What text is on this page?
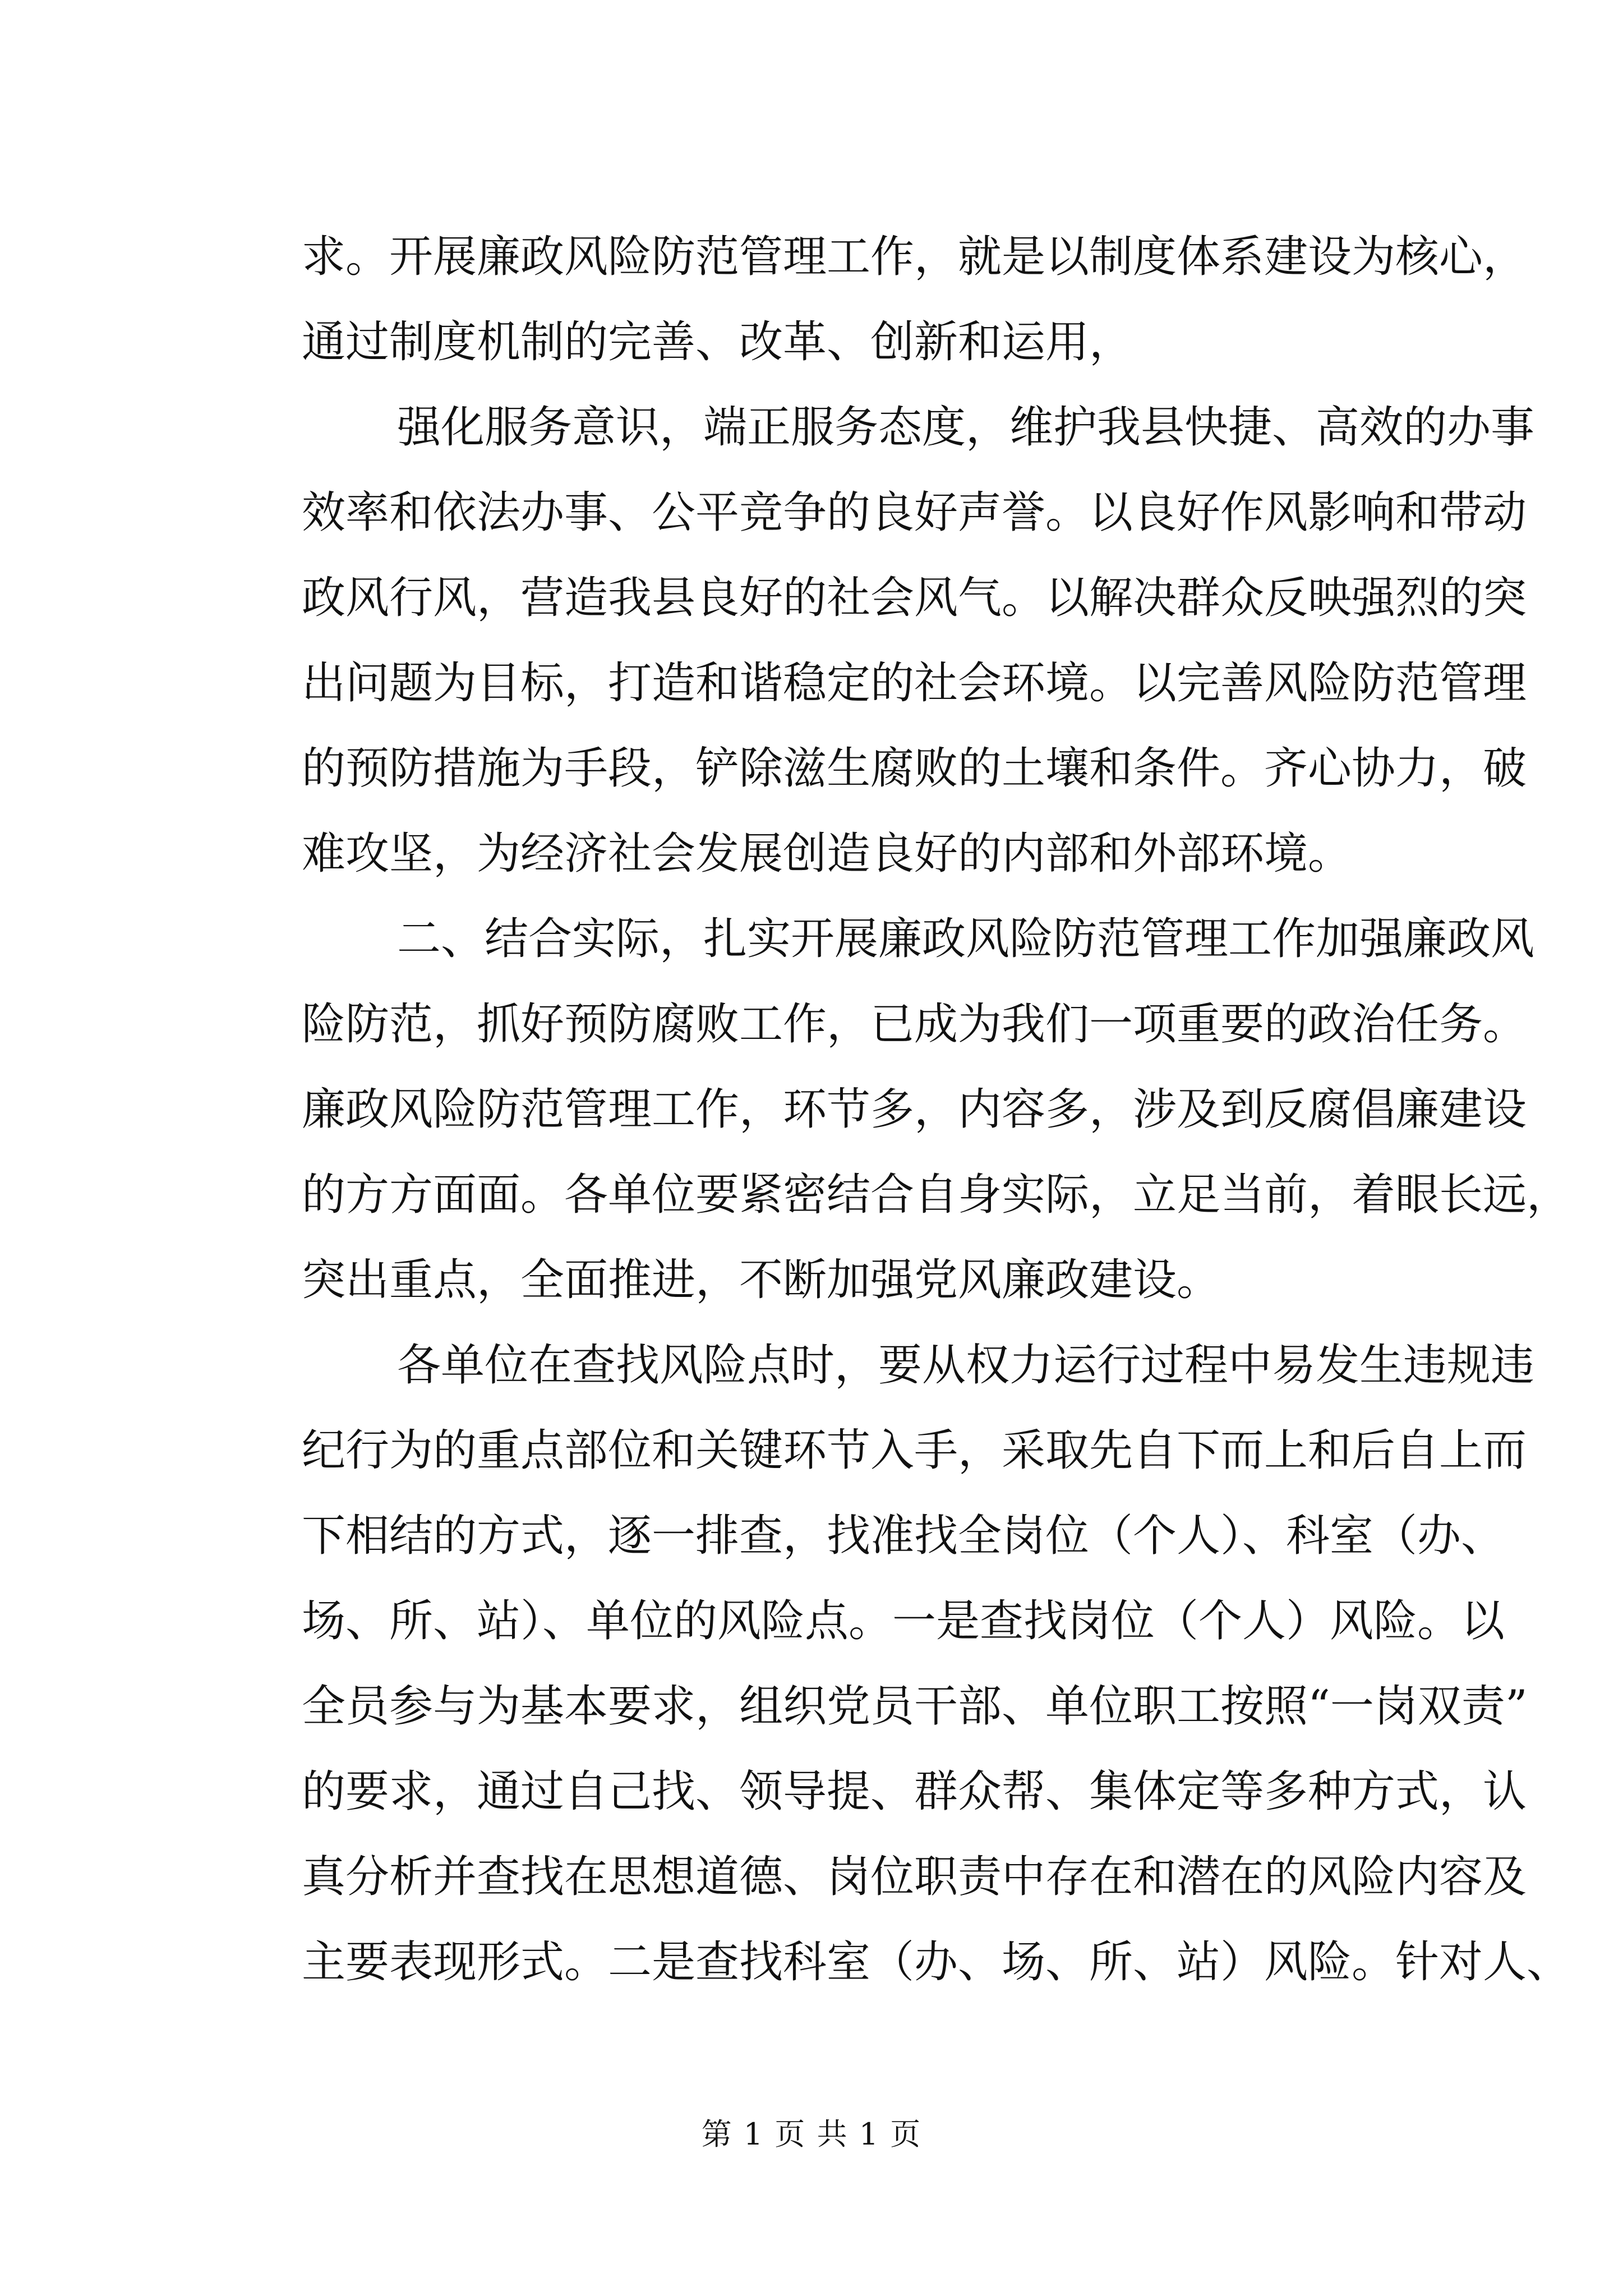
求。开展廉政风险防范管理工作，就是以制度体系建设为核心，
通过制度机制的完善、改革、创新和运用，
强化服务意识，端正服务态度，维护我县快捷、高效的办事
效率和依法办事、公平竞争的良好声誉。以良好作风影响和带动
政风行风，营造我县良好的社会风气。以解决群众反映强烈的突
出问题为目标，打造和谐稳定的社会环境。以完善风险防范管理
的预防措施为手段，铲除滋生腐败的土壤和条件。齐心协力，破
难攻坚，为经济社会发展创造良好的内部和外部环境。
二、结合实际，扎实开展廉政风险防范管理工作加强廉政风
险防范，抓好预防腐败工作，已成为我们一项重要的政治任务。
廉政风险防范管理工作，环节多，内容多，涉及到反腐倡廉建设
的方方面面。各单位要紧密结合自身实际，立足当前，着眼长远，
突出重点，全面推进，不断加强党风廉政建设。
各单位在查找风险点时，要从权力运行过程中易发生违规违
纪行为的重点部位和关键环节入手，采取先自下而上和后自上而
下相结的方式，逐一排查，找准找全岗位（个人）、科室（办、
场、所、站）、单位的风险点。一是查找岗位（个人）风险。以
全员参与为基本要求，组织党员干部、单位职工按照“一岗双责”
的要求，通过自己找、领导提、群众帮、集体定等多种方式，认
真分析并查找在思想道德、岗位职责中存在和潜在的风险内容及
主要表现形式。二是查找科室（办、场、所、站）风险。针对人、
第 1 页 共 1 页
